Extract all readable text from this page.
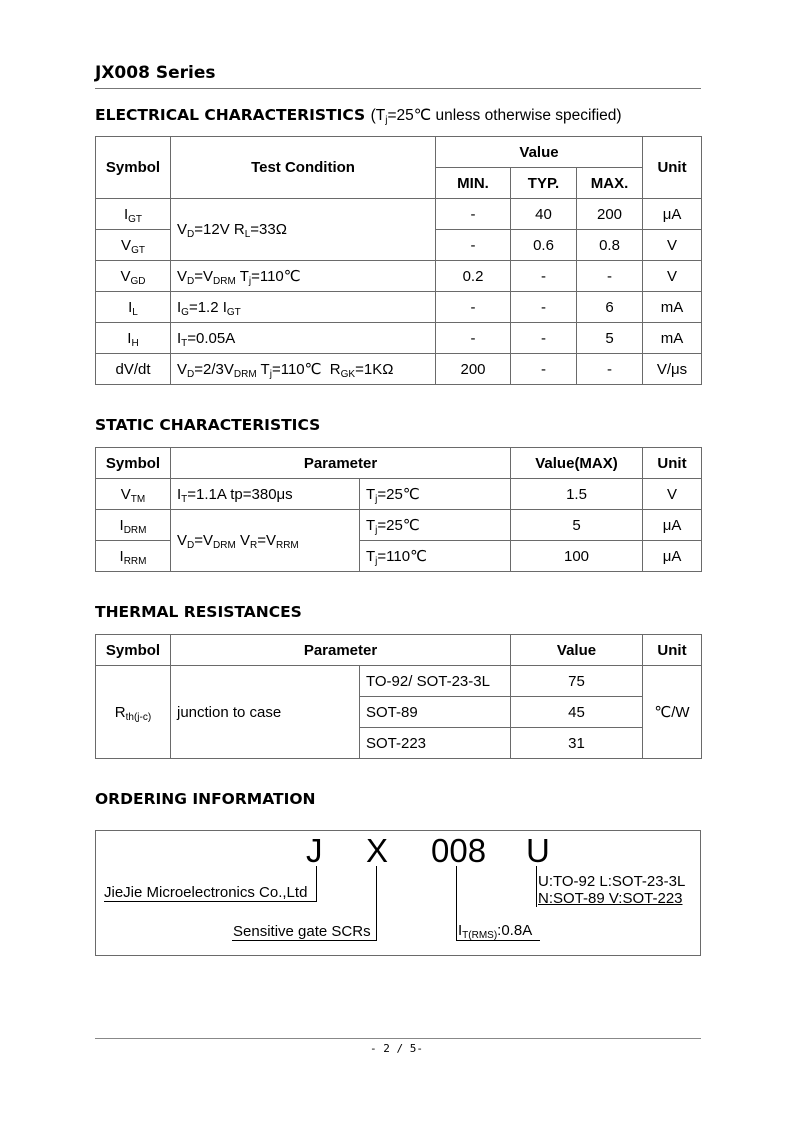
JX008 Series
ELECTRICAL CHARACTERISTICS ($T_j=25℃$ unless otherwise specified)
Symbol	Test Condition	Value			Unit
		MIN.	TYP.	MAX.	
$I_{GT}$	$V_D=12V$ $R_L=33\Omega$	-	40	200	μA
$V_{GT}$		-	0.6	0.8	V
$V_{GD}$	$V_D=V_{DRM}$ $T_j=110℃$	0.2	-	-	V
$I_L$	$I_G=1.2$ $I_{GT}$	-	-	6	mA
$I_H$	$I_T=0.05A$	-	-	5	mA
dV/dt	$V_D=2/3V_{DRM}$ $T_j=110℃$  $R_{GK}=1K\Omega$	200	-	-	V/μs
STATIC CHARACTERISTICS
Symbol	Parameter		Value(MAX)	Unit
$V_{TM}$	$I_T=1.1A$ tp=380μs	$T_j=25℃$	1.5	V
$I_{DRM}$	$V_D=V_{DRM}$ $V_R=V_{RRM}$	$T_j=25℃$	5	μA
$I_{RRM}$		$T_j=110℃$	100	μA
THERMAL RESISTANCES
Symbol	Parameter		Value	Unit
$R_{th(j-c)}$	junction to case	TO-92/ SOT-23-3L	75	℃/W
		SOT-89	45	
		SOT-223	31	
ORDERING INFORMATION
J X 008 U
JieJie Microelectronics Co.,Ltd
Sensitive gate SCRs	$I_{T(RMS)}:0.8A$
U:TO-92 L:SOT-23-3L
N:SOT-89 V:SOT-223
- 2 / 5-
